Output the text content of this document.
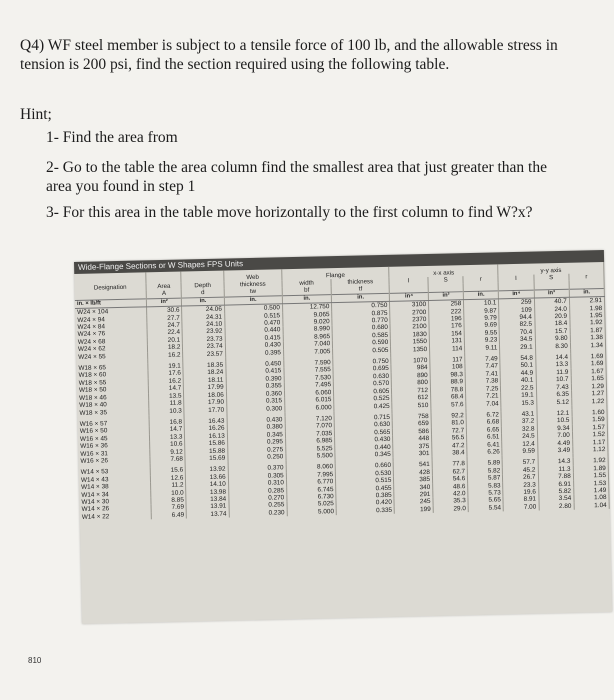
Q4) WF steel member is subject to a tensile force of 100 lb, and the allowable stress in tension is 200 psi, find the section required using the following table.
Hint;
1- Find the area from
2- Go to the table the area column find the smallest area that just greater than the area you found in step 1
3- For this area in the table move horizontally to the first column to find W?x?
Wide-Flange Sections or W Shapes FPS Units
			Web	Flange		x-x axis			y-y axis		
Designation	Area	Depth	thickness	width	thickness	I	S	r	I	S	r
	A	d	tw	bf	tf						
in. × lb/ft	in²	in.	in.	in.	in.	in⁴	in³	in.	in⁴	in³	in.
W24 × 104	30.6	24.06	0.500	12.750	0.750	3100	258	10.1	259	40.7	2.91
W24 × 94	27.7	24.31	0.515	9.065	0.875	2700	222	9.87	109	24.0	1.98
W24 × 84	24.7	24.10	0.470	9.020	0.770	2370	196	9.79	94.4	20.9	1.95
W24 × 76	22.4	23.92	0.440	8.990	0.680	2100	176	9.69	82.5	18.4	1.92
W24 × 68	20.1	23.73	0.415	8.965	0.585	1830	154	9.55	70.4	15.7	1.87
W24 × 62	18.2	23.74	0.430	7.040	0.590	1550	131	9.23	34.5	9.80	1.38
W24 × 55	16.2	23.57	0.395	7.005	0.505	1350	114	9.11	29.1	8.30	1.34

W18 × 65	19.1	18.35	0.450	7.590	0.750	1070	117	7.49	54.8	14.4	1.69
W18 × 60	17.6	18.24	0.415	7.555	0.695	984	108	7.47	50.1	13.3	1.69
W18 × 55	16.2	18.11	0.390	7.530	0.630	890	98.3	7.41	44.9	11.9	1.67
W18 × 50	14.7	17.99	0.355	7.495	0.570	800	88.9	7.38	40.1	10.7	1.65
W18 × 46	13.5	18.06	0.360	6.060	0.605	712	78.8	7.25	22.5	7.43	1.29
W18 × 40	11.8	17.90	0.315	6.015	0.525	612	68.4	7.21	19.1	6.35	1.27
W18 × 35	10.3	17.70	0.300	6.000	0.425	510	57.6	7.04	15.3	5.12	1.22

W16 × 57	16.8	16.43	0.430	7.120	0.715	758	92.2	6.72	43.1	12.1	1.60
W16 × 50	14.7	16.26	0.380	7.070	0.630	659	81.0	6.68	37.2	10.5	1.59
W16 × 45	13.3	16.13	0.345	7.035	0.565	586	72.7	6.65	32.8	9.34	1.57
W16 × 36	10.6	15.86	0.295	6.985	0.430	448	56.5	6.51	24.5	7.00	1.52
W16 × 31	9.12	15.88	0.275	5.525	0.440	375	47.2	6.41	12.4	4.49	1.17
W16 × 26	7.68	15.69	0.250	5.500	0.345	301	38.4	6.26	9.59	3.49	1.12

W14 × 53	15.6	13.92	0.370	8.060	0.660	541	77.8	5.89	57.7	14.3	1.92
W14 × 43	12.6	13.66	0.305	7.995	0.530	428	62.7	5.82	45.2	11.3	1.89
W14 × 38	11.2	14.10	0.310	6.770	0.515	385	54.6	5.87	26.7	7.88	1.55
W14 × 34	10.0	13.98	0.285	6.745	0.455	340	48.6	5.83	23.3	6.91	1.53
W14 × 30	8.85	13.84	0.270	6.730	0.385	291	42.0	5.73	19.6	5.82	1.49
W14 × 26	7.69	13.91	0.255	5.025	0.420	245	35.3	5.65	8.91	3.54	1.08
W14 × 22	6.49	13.74	0.230	5.000	0.335	199	29.0	5.54	7.00	2.80	1.04
810
